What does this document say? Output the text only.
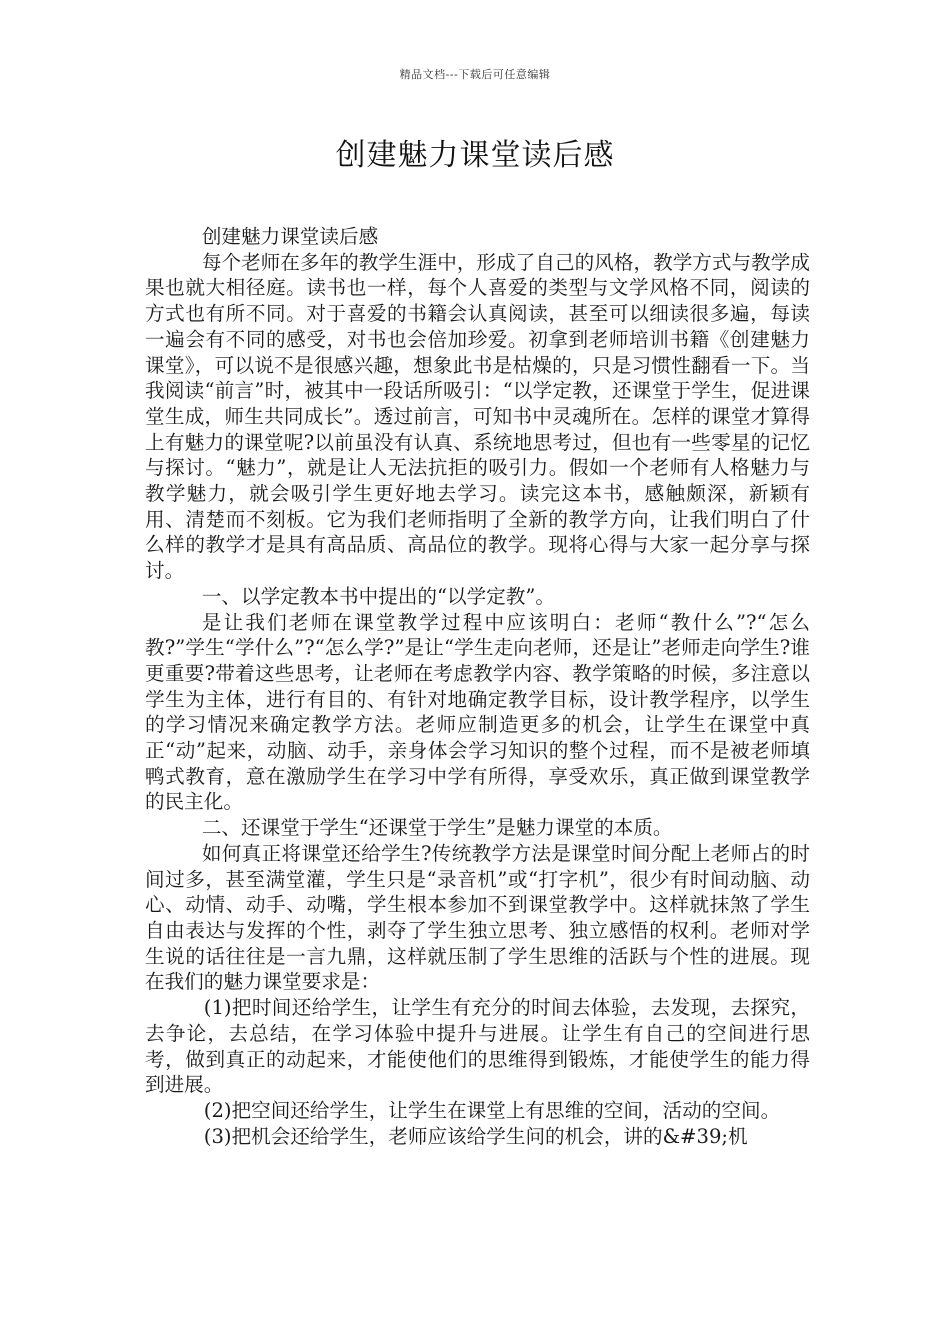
精品文档---下载后可任意编辑
创建魅力课堂读后感

创建魅力课堂读后感

每个老师在多年的教学生涯中，形成了自己的风格，教学方式与教学成果也就大相径庭。读书也一样，每个人喜爱的类型与文学风格不同，阅读的方式也有所不同。对于喜爱的书籍会认真阅读，甚至可以细读很多遍，每读一遍会有不同的感受，对书也会倍加珍爱。初拿到老师培训书籍《创建魅力课堂》，可以说不是很感兴趣，想象此书是枯燥的，只是习惯性翻看一下。当我阅读“前言”时，被其中一段话所吸引：“以学定教，还课堂于学生，促进课堂生成，师生共同成长”。透过前言，可知书中灵魂所在。怎样的课堂才算得上有魅力的课堂呢?以前虽没有认真、系统地思考过，但也有一些零星的记忆与探讨。“魅力”，就是让人无法抗拒的吸引力。假如一个老师有人格魅力与教学魅力，就会吸引学生更好地去学习。读完这本书，感触颇深，新颖有用、清楚而不刻板。它为我们老师指明了全新的教学方向，让我们明白了什么样的教学才是具有高品质、高品位的教学。现将心得与大家一起分享与探讨。

一、以学定教本书中提出的“以学定教”。

是让我们老师在课堂教学过程中应该明白：老师“教什么”?“怎么教?”学生“学什么”?“怎么学?”是让“学生走向老师，还是让”老师走向学生?谁更重要?带着这些思考，让老师在考虑教学内容、教学策略的时候，多注意以学生为主体，进行有目的、有针对地确定教学目标，设计教学程序，以学生的学习情况来确定教学方法。老师应制造更多的机会，让学生在课堂中真正“动”起来，动脑、动手，亲身体会学习知识的整个过程，而不是被老师填鸭式教育，意在激励学生在学习中学有所得，享受欢乐，真正做到课堂教学的民主化。

二、还课堂于学生“还课堂于学生”是魅力课堂的本质。

如何真正将课堂还给学生?传统教学方法是课堂时间分配上老师占的时间过多，甚至满堂灌，学生只是“录音机”或“打字机”，很少有时间动脑、动心、动情、动手、动嘴，学生根本参加不到课堂教学中。这样就抹煞了学生自由表达与发挥的个性，剥夺了学生独立思考、独立感悟的权利。老师对学生说的话往往是一言九鼎，这样就压制了学生思维的活跃与个性的进展。现在我们的魅力课堂要求是：

(1)把时间还给学生，让学生有充分的时间去体验，去发现，去探究，去争论，去总结，在学习体验中提升与进展。让学生有自己的空间进行思考，做到真正的动起来，才能使他们的思维得到锻炼，才能使学生的能力得到进展。

(2)把空间还给学生，让学生在课堂上有思维的空间，活动的空间。

(3)把机会还给学生，老师应该给学生问的机会，讲的&#39;机
